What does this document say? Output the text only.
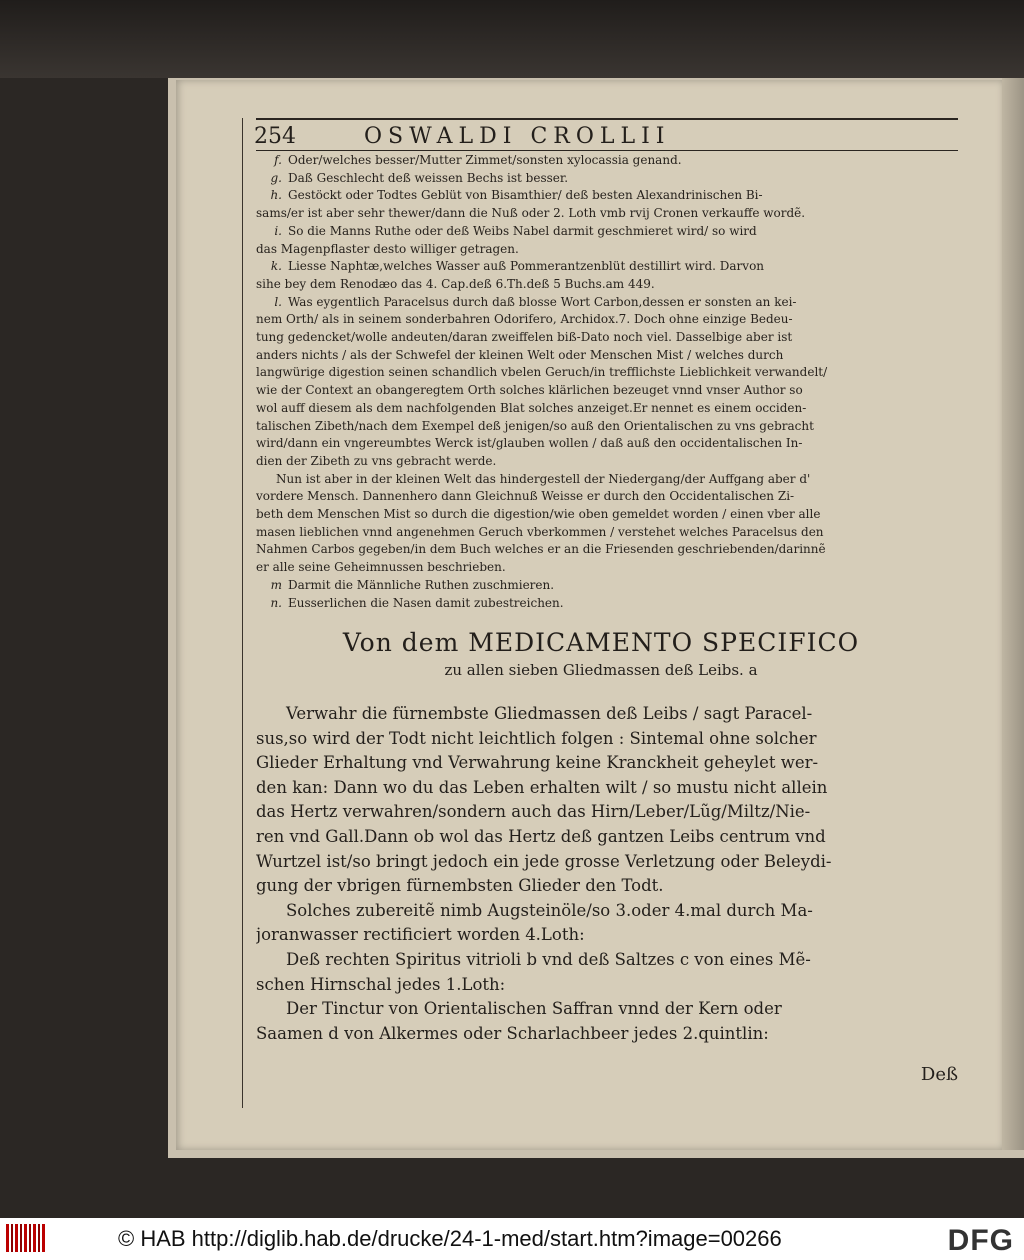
254	OSWALDI CROLLII

f. Oder/welches besser/Mutter Zimmet/sonsten xylocassia genand.

g. Daß Geschlecht deß weissen Bechs ist besser.

h. Gestöckt oder Todtes Geblüt von Bisamthier/ deß besten Alexandrinischen Bi-

sams/er ist aber sehr thewer/dann die Nuß oder 2. Loth vmb rvij Cronen verkauffe wordẽ.

i. So die Manns Ruthe oder deß Weibs Nabel darmit geschmieret wird/ so wird

das Magenpflaster desto williger getragen.

k. Liesse Naphtæ,welches Wasser auß Pommerantzenblüt destillirt wird. Darvon

sihe bey dem Renodæo das 4. Cap.deß 6.Th.deß 5 Buchs.am 449.

l. Was eygentlich Paracelsus durch daß blosse Wort Carbon,dessen er sonsten an kei-

nem Orth/ als in seinem sonderbahren Odorifero, Archidox.7. Doch ohne einzige Bedeu-

tung gedencket/wolle andeuten/daran zweiffelen biß-Dato noch viel. Dasselbige aber ist

anders nichts / als der Schwefel der kleinen Welt oder Menschen Mist / welches durch

langwürige digestion seinen schandlich vbelen Geruch/in trefflichste Lieblichkeit verwandelt/

wie der Context an obangeregtem Orth solches klärlichen bezeuget vnnd vnser Author so

wol auff diesem als dem nachfolgenden Blat solches anzeiget.Er nennet es einem occiden-

talischen Zibeth/nach dem Exempel deß jenigen/so auß den Orientalischen zu vns gebracht

wird/dann ein vngereumbtes Werck ist/glauben wollen / daß auß den occidentalischen In-

dien der Zibeth zu vns gebracht werde.

Nun ist aber in der kleinen Welt das hindergestell der Niedergang/der Auffgang aber d'

vordere Mensch. Dannenhero dann Gleichnuß Weisse er durch den Occidentalischen Zi-

beth dem Menschen Mist so durch die digestion/wie oben gemeldet worden / einen vber alle

masen lieblichen vnnd angenehmen Geruch vberkommen / verstehet welches Paracelsus den

Nahmen Carbos gegeben/in dem Buch welches er an die Friesenden geschriebenden/darinnẽ

er alle seine Geheimnussen beschrieben.

m Darmit die Männliche Ruthen zuschmieren.

n. Eusserlichen die Nasen damit zubestreichen.

Von dem MEDICAMENTO SPECIFICO
zu allen sieben Gliedmassen deß Leibs. a

Verwahr die fürnembste Gliedmassen deß Leibs / sagt Paracel-

sus,so wird der Todt nicht leichtlich folgen : Sintemal ohne solcher

Glieder Erhaltung vnd Verwahrung keine Kranckheit geheylet wer-

den kan: Dann wo du das Leben erhalten wilt / so mustu nicht allein

das Hertz verwahren/sondern auch das Hirn/Leber/Lũg/Miltz/Nie-

ren vnd Gall.Dann ob wol das Hertz deß gantzen Leibs centrum vnd

Wurtzel ist/so bringt jedoch ein jede grosse Verletzung oder Beleydi-

gung der vbrigen fürnembsten Glieder den Todt.

Solches zubereitẽ nimb Augsteinöle/so 3.oder 4.mal durch Ma-

joranwasser rectificiert worden 4.Loth:

Deß rechten Spiritus vitrioli b vnd deß Saltzes c von eines Mẽ-

schen Hirnschal jedes 1.Loth:

Der Tinctur von Orientalischen Saffran vnnd der Kern oder

Saamen d von Alkermes oder Scharlachbeer jedes 2.quintlin:

Deß
© HAB http://diglib.hab.de/drucke/24-1-med/start.htm?image=00266	DFG
